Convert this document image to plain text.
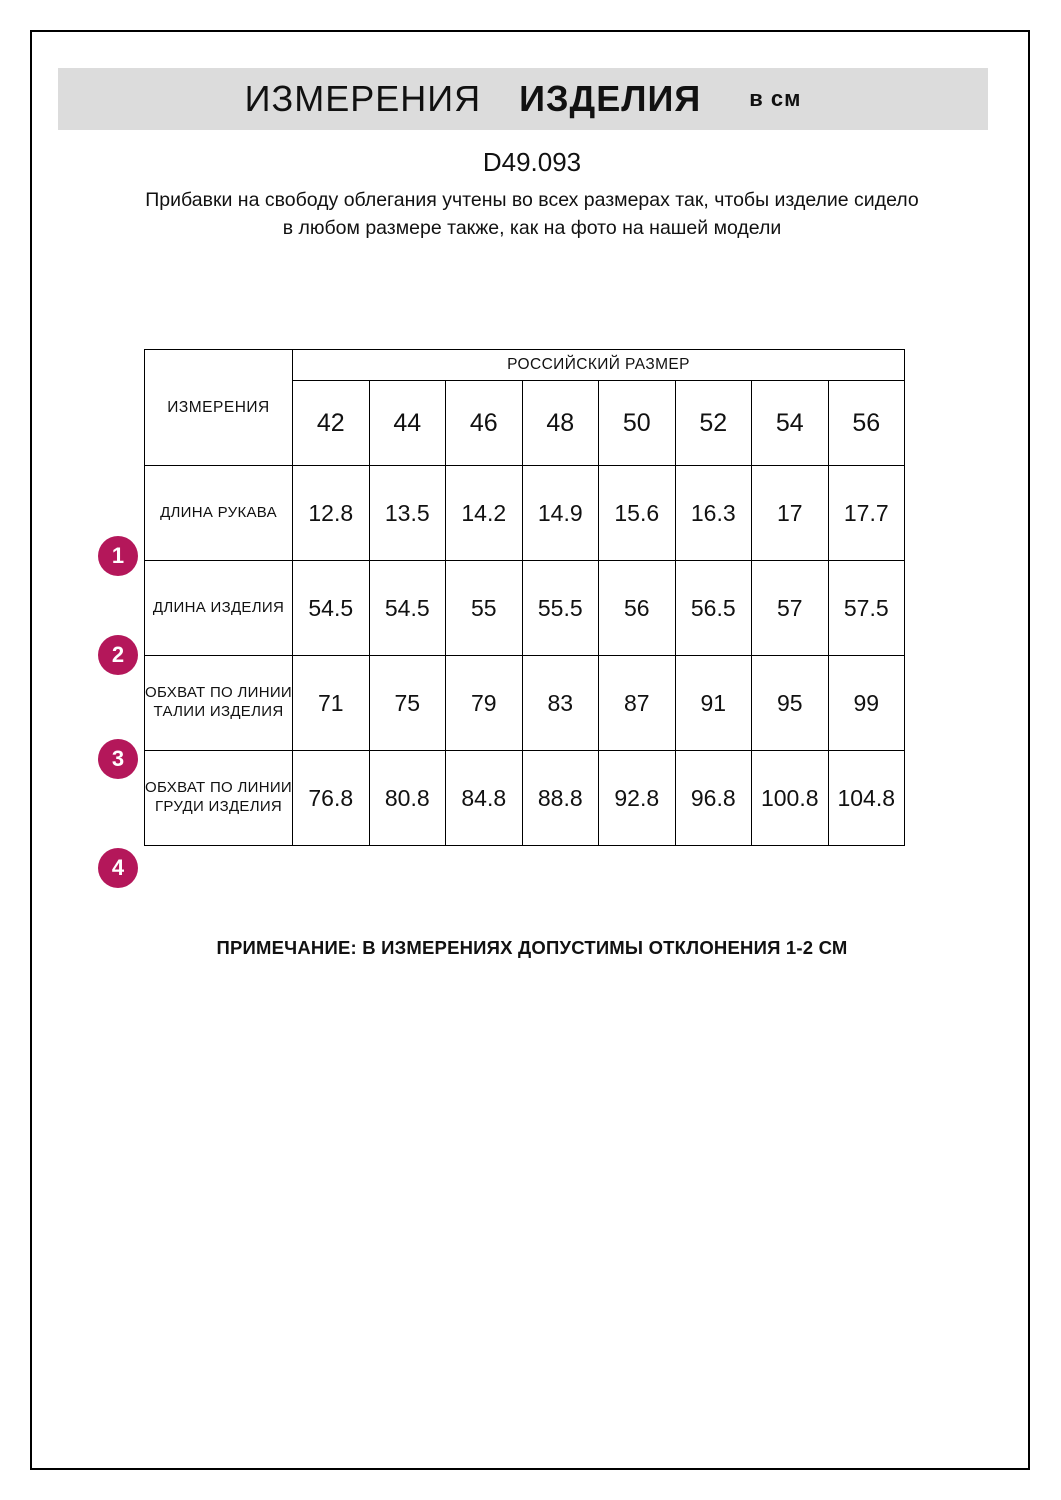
ИЗМЕРЕНИЯ ИЗДЕЛИЯ в см
D49.093
Прибавки на свободу облегания учтены во всех размерах так, чтобы изделие сидело в любом размере также, как на фото на нашей модели
1
2
3
4
ИЗМЕРЕНИЯ	РОССИЙСКИЙ РАЗМЕР							
	42	44	46	48	50	52	54	56
ДЛИНА РУКАВА	12.8	13.5	14.2	14.9	15.6	16.3	17	17.7
ДЛИНА ИЗДЕЛИЯ	54.5	54.5	55	55.5	56	56.5	57	57.5
ОБХВАТ ПО ЛИНИИ ТАЛИИ ИЗДЕЛИЯ	71	75	79	83	87	91	95	99
ОБХВАТ ПО ЛИНИИ ГРУДИ ИЗДЕЛИЯ	76.8	80.8	84.8	88.8	92.8	96.8	100.8	104.8
ПРИМЕЧАНИЕ: В ИЗМЕРЕНИЯХ ДОПУСТИМЫ ОТКЛОНЕНИЯ 1-2 СМ
